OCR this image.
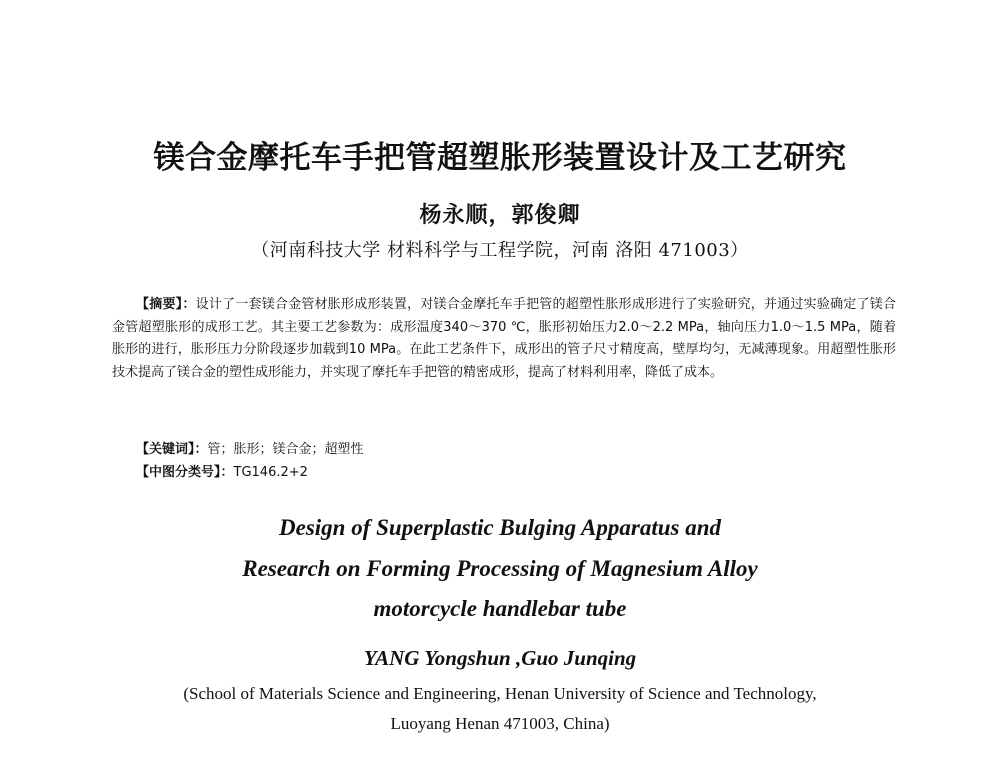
镁合金摩托车手把管超塑胀形装置设计及工艺研究
杨永顺，郭俊卿
（河南科技大学 材料科学与工程学院，河南 洛阳 471003）
【摘要】：设计了一套镁合金管材胀形成形装置，对镁合金摩托车手把管的超塑性胀形成形进行了实验研究，并通过实验确定了镁合金管超塑胀形的成形工艺。其主要工艺参数为：成形温度340～370 ℃，胀形初始压力2.0～2.2 MPa，轴向压力1.0～1.5 MPa，随着胀形的进行，胀形压力分阶段逐步加载到10 MPa。在此工艺条件下，成形出的管子尺寸精度高，壁厚均匀，无减薄现象。用超塑性胀形技术提高了镁合金的塑性成形能力，并实现了摩托车手把管的精密成形，提高了材料利用率，降低了成本。
【关键词】：管；胀形；镁合金；超塑性
【中图分类号】：TG146.2+2
Design of Superplastic Bulging Apparatus and
Research on Forming Processing of Magnesium Alloy
motorcycle handlebar tube
YANG Yongshun ,Guo Junqing
(School of Materials Science and Engineering, Henan University of Science and Technology,
Luoyang Henan 471003, China)
